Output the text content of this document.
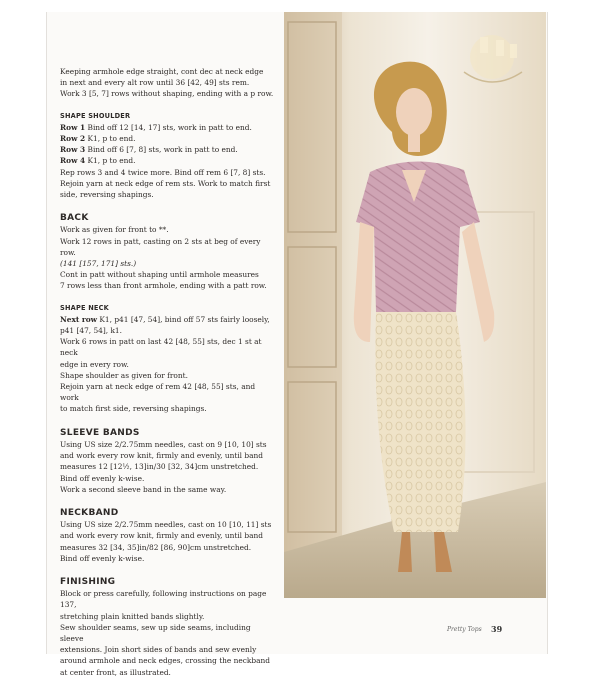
Keeping armhole edge straight, cont dec at neck edge

in next and every alt row until 36 [42, 49] sts rem.

Work 3 [5, 7] rows without shaping, ending with a p row.

SHAPE SHOULDER

Row 1 Bind off 12 [14, 17] sts, work in patt to end.

Row 2 K1, p to end.

Row 3 Bind off 6 [7, 8] sts, work in patt to end.

Row 4 K1, p to end.

Rep rows 3 and 4 twice more. Bind off rem 6 [7, 8] sts.

Rejoin yarn at neck edge of rem sts. Work to match first

side, reversing shapings.

BACK

Work as given for front to **.

Work 12 rows in patt, casting on 2 sts at beg of every row.

(141 [157, 171] sts.)

Cont in patt without shaping until armhole measures

7 rows less than front armhole, ending with a patt row.

SHAPE NECK

Next row K1, p41 [47, 54], bind off 57 sts fairly loosely,

p41 [47, 54], k1.

Work 6 rows in patt on last 42 [48, 55] sts, dec 1 st at neck

edge in every row.

Shape shoulder as given for front.

Rejoin yarn at neck edge of rem 42 [48, 55] sts, and work

to match first side, reversing shapings.

SLEEVE BANDS

Using US size 2/2.75mm needles, cast on 9 [10, 10] sts

and work every row knit, firmly and evenly, until band

measures 12 [12½, 13]in/30 [32, 34]cm unstretched.

Bind off evenly k-wise.

Work a second sleeve band in the same way.

NECKBAND

Using US size 2/2.75mm needles, cast on 10 [10, 11] sts

and work every row knit, firmly and evenly, until band

measures 32 [34, 35]in/82 [86, 90]cm unstretched.

Bind off evenly k-wise.

FINISHING

Block or press carefully, following instructions on page 137,

stretching plain knitted bands slightly.

Sew shoulder seams, sew up side seams, including sleeve

extensions. Join short sides of bands and sew evenly

around armhole and neck edges, crossing the neckband

at center front, as illustrated.

Pretty Tops 39
